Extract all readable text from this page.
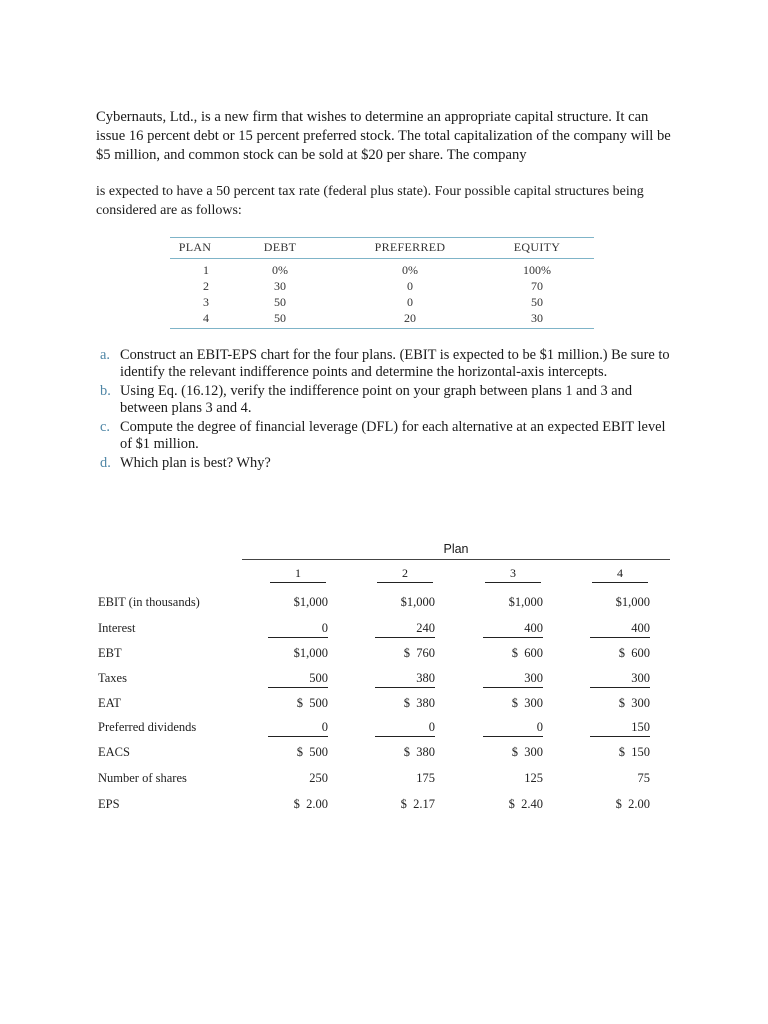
Cybernauts, Ltd., is a new firm that wishes to determine an appropriate capital structure. It can issue 16 percent debt or 15 percent preferred stock. The total capitalization of the company will be $5 million, and common stock can be sold at $20 per share. The company

is expected to have a 50 percent tax rate (federal plus state). Four possible capital structures being considered are as follows:

PLAN	DEBT	PREFERRED	EQUITY
1	0%	0%	100%
2	30	0	70
3	50	0	50
4	50	20	30
a. Construct an EBIT-EPS chart for the four plans. (EBIT is expected to be $1 million.) Be sure to identify the relevant indifference points and determine the horizontal-axis intercepts.
b. Using Eq. (16.12), verify the indifference point on your graph between plans 1 and 3 and between plans 3 and 4.
c. Compute the degree of financial leverage (DFL) for each alternative at an expected EBIT level of $1 million.
d. Which plan is best? Why?
Plan
1	2	3	4
EBIT (in thousands)	$1,000	$1,000	$1,000	$1,000
Interest	0	240	400	400
EBT	$1,000	$  760	$  600	$  600
Taxes	500	380	300	300
EAT	$  500	$  380	$  300	$  300
Preferred dividends	0	0	0	150
EACS	$  500	$  380	$  300	$  150
Number of shares	250	175	125	75
EPS	$  2.00	$  2.17	$  2.40	$  2.00
